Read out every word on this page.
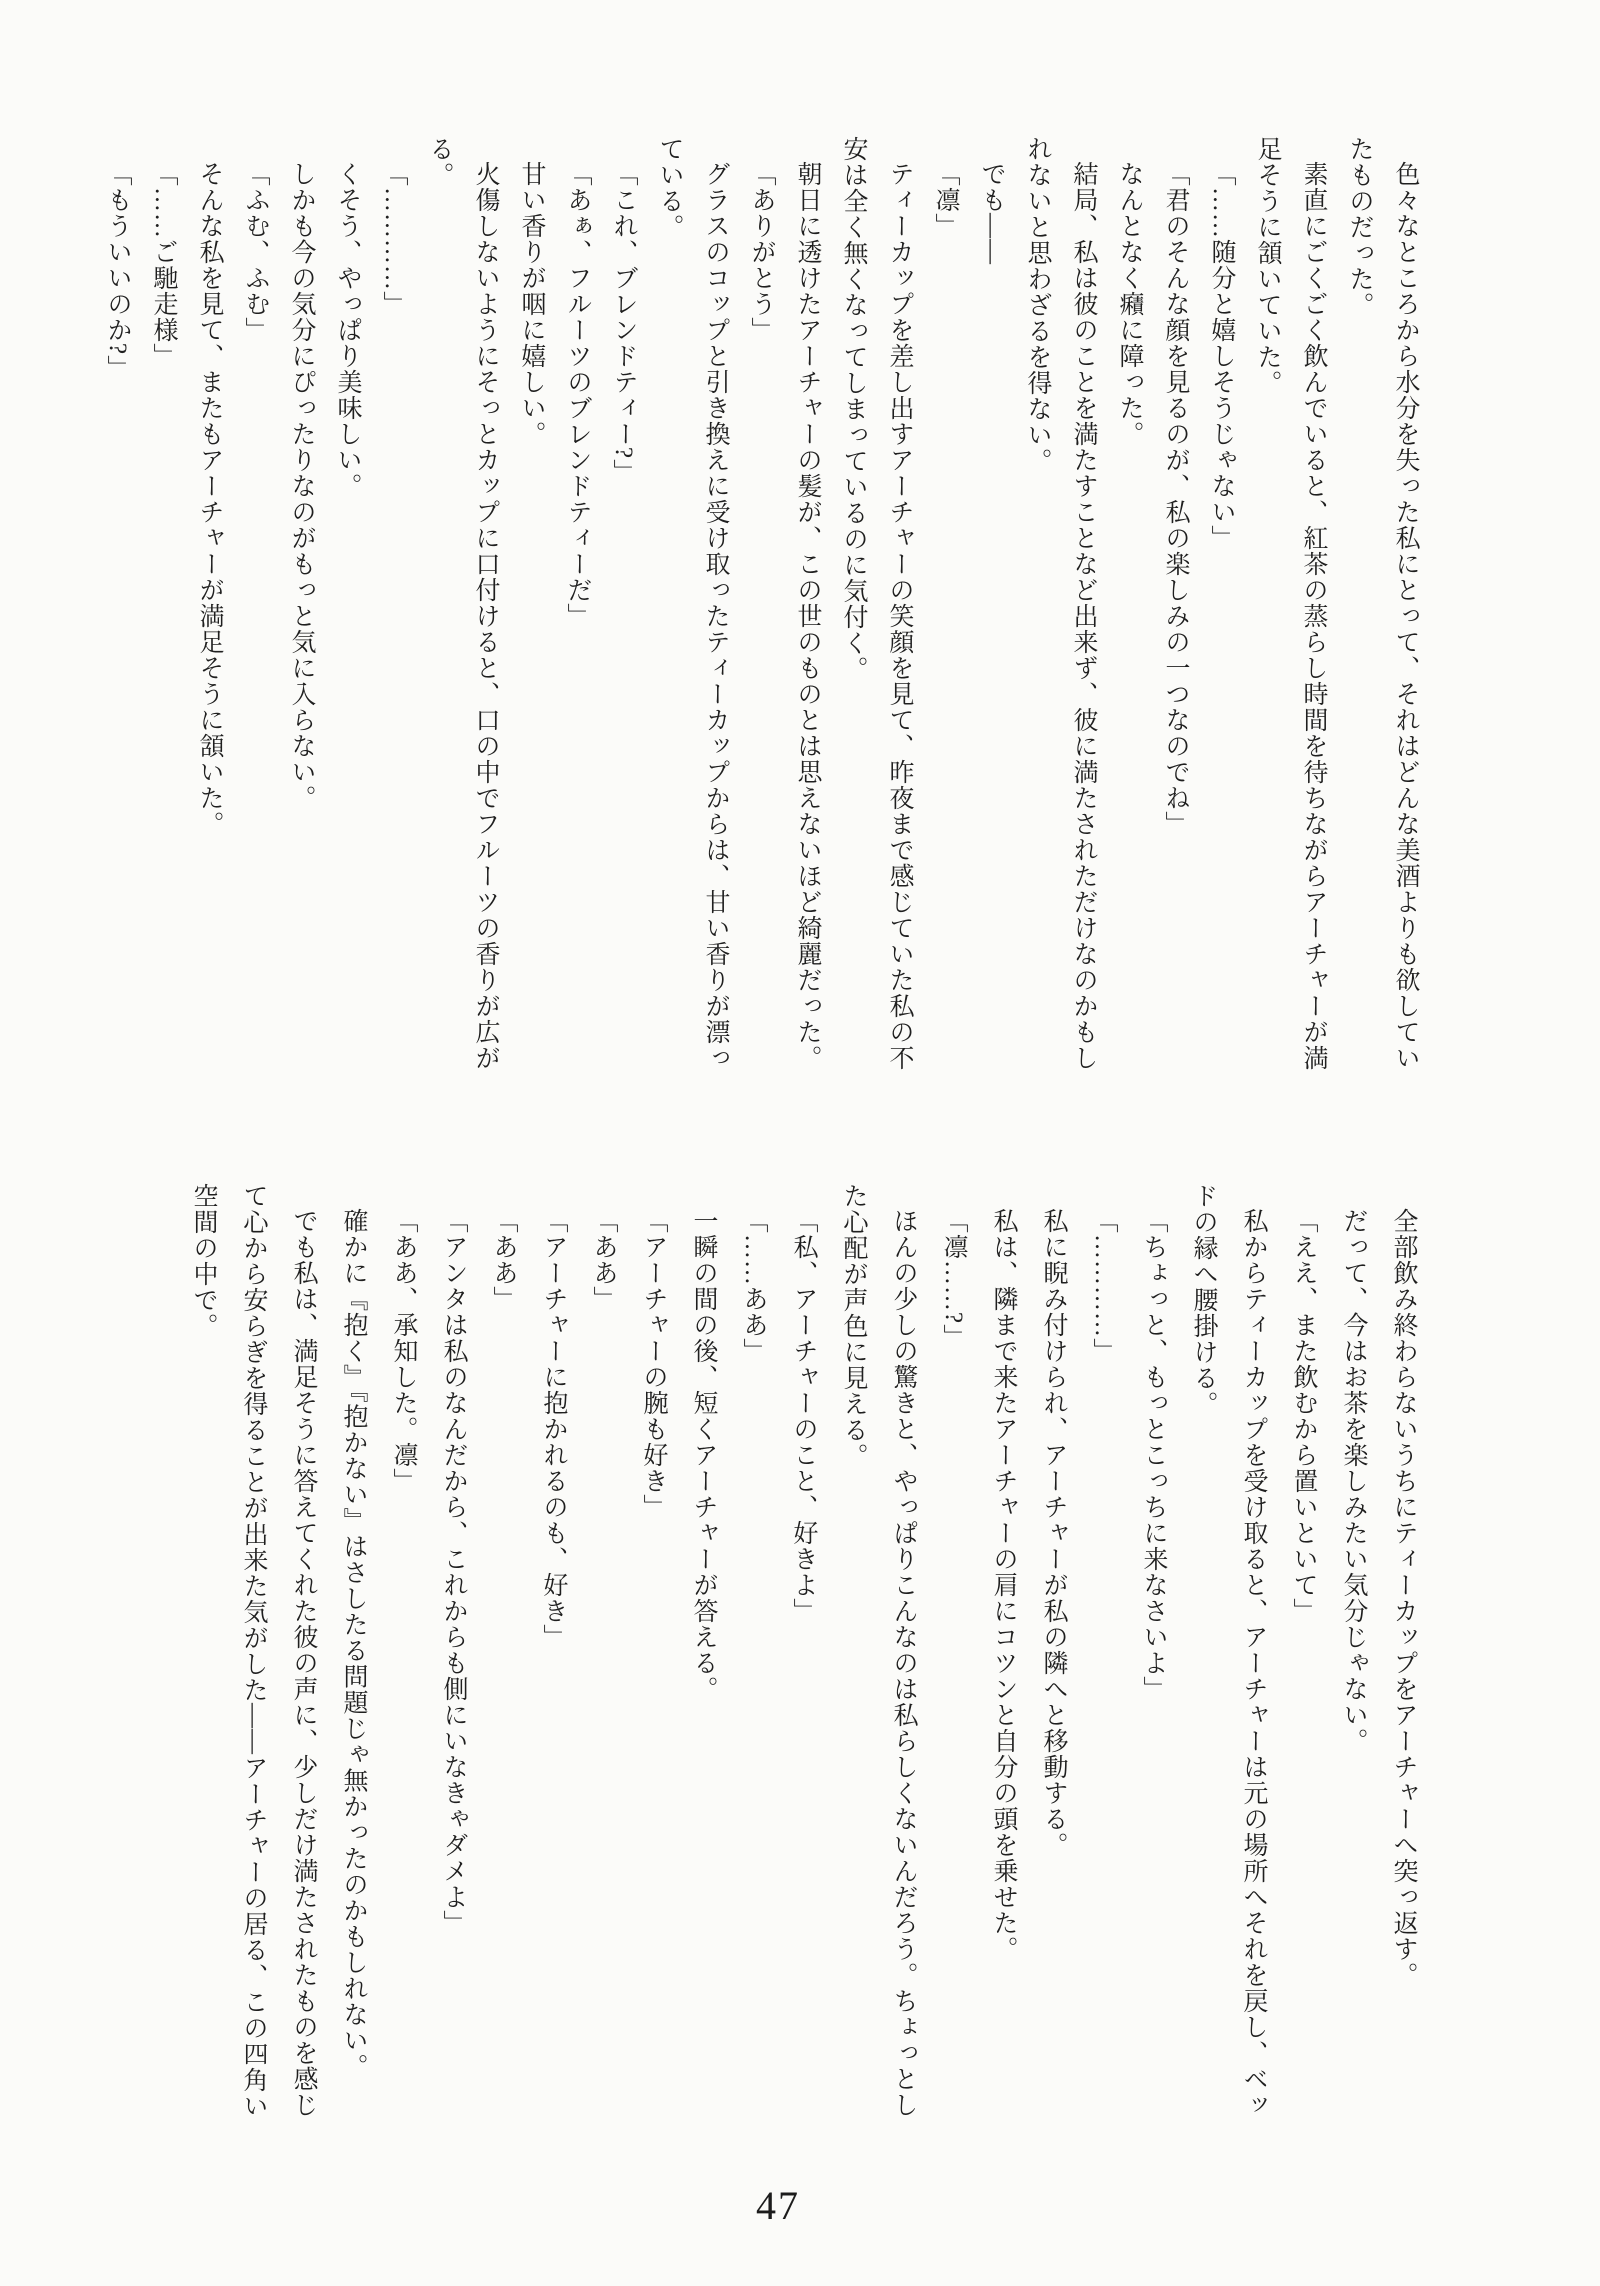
色々なところから水分を失った私にとって、それはどんな美酒よりも欲していたものだった。

素直にごくごく飲んでいると、紅茶の蒸らし時間を待ちながらアーチャーが満足そうに頷いていた。

「……随分と嬉しそうじゃない」

「君のそんな顔を見るのが、私の楽しみの一つなのでね」

なんとなく癪に障った。

結局、私は彼のことを満たすことなど出来ず、彼に満たされただけなのかもしれないと思わざるを得ない。

でも――

「凛」

ティーカップを差し出すアーチャーの笑顔を見て、昨夜まで感じていた私の不安は全く無くなってしまっているのに気付く。

朝日に透けたアーチャーの髪が、この世のものとは思えないほど綺麗だった。

「ありがとう」

グラスのコップと引き換えに受け取ったティーカップからは、甘い香りが漂っている。

「これ、ブレンドティー?」

「あぁ、フルーツのブレンドティーだ」

甘い香りが咽に嬉しい。

火傷しないようにそっとカップに口付けると、口の中でフルーツの香りが広がる。

「…………」

くそう、やっぱり美味しい。

しかも今の気分にぴったりなのがもっと気に入らない。

「ふむ、ふむ」

そんな私を見て、またもアーチャーが満足そうに頷いた。

「……ご馳走様」

「もういいのか?」

全部飲み終わらないうちにティーカップをアーチャーへ突っ返す。

だって、今はお茶を楽しみたい気分じゃない。

「ええ、また飲むから置いといて」

私からティーカップを受け取ると、アーチャーは元の場所へそれを戻し、ベッドの縁へ腰掛ける。

「ちょっと、もっとこっちに来なさいよ」

「…………」

私に睨み付けられ、アーチャーが私の隣へと移動する。

私は、隣まで来たアーチャーの肩にコツンと自分の頭を乗せた。

「凛……?」

ほんの少しの驚きと、やっぱりこんなのは私らしくないんだろう。ちょっとした心配が声色に見える。

「私、アーチャーのこと、好きよ」

「……ああ」

一瞬の間の後、短くアーチャーが答える。

「アーチャーの腕も好き」

「ああ」

「アーチャーに抱かれるのも、好き」

「ああ」

「アンタは私のなんだから、これからも側にいなきゃダメよ」

「ああ、承知した。凛」

確かに『抱く』『抱かない』はさしたる問題じゃ無かったのかもしれない。

でも私は、満足そうに答えてくれた彼の声に、少しだけ満たされたものを感じて心から安らぎを得ることが出来た気がした――アーチャーの居る、この四角い空間の中で。

47
